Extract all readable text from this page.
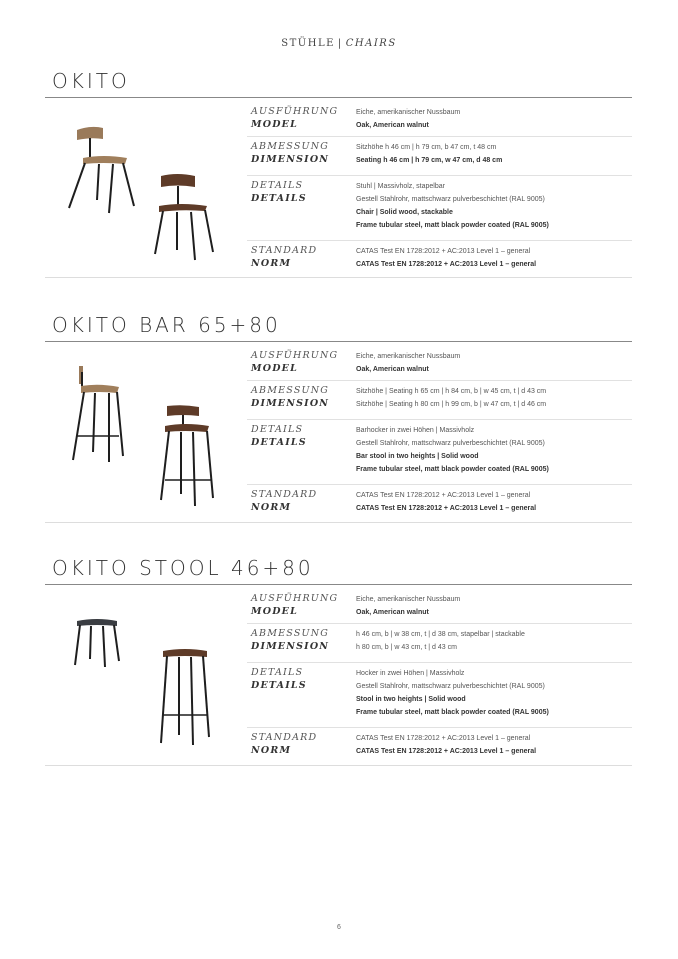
STÜHLE | CHAIRS
OKITO
AUSFÜHRUNG
MODEL
Eiche, amerikanischer Nussbaum
Oak, American walnut
ABMESSUNG
DIMENSION
Sitzhöhe h 46 cm | h 79 cm, b 47 cm, t 48 cm
Seating h 46 cm | h 79 cm, w 47 cm, d 48 cm
DETAILS
DETAILS
Stuhl | Massivholz, stapelbar
Gestell Stahlrohr, mattschwarz pulverbeschichtet (RAL 9005)
Chair | Solid wood, stackable
Frame tubular steel, matt black powder coated (RAL 9005)
STANDARD
NORM
CATAS Test EN 1728:2012 + AC:2013 Level 1 – general
CATAS Test EN 1728:2012 + AC:2013 Level 1 – general
OKITO BAR 65+80
AUSFÜHRUNG
MODEL
Eiche, amerikanischer Nussbaum
Oak, American walnut
ABMESSUNG
DIMENSION
Sitzhöhe | Seating h 65 cm | h 84 cm, b | w 45 cm, t | d 43 cm
Sitzhöhe | Seating h 80 cm | h 99 cm, b | w 47 cm, t | d 46 cm
DETAILS
DETAILS
Barhocker in zwei Höhen | Massivholz
Gestell Stahlrohr, mattschwarz pulverbeschichtet (RAL 9005)
Bar stool in two heights | Solid wood
Frame tubular steel, matt black powder coated (RAL 9005)
STANDARD
NORM
CATAS Test EN 1728:2012 + AC:2013 Level 1 – general
CATAS Test EN 1728:2012 + AC:2013 Level 1 – general
OKITO STOOL 46+80
AUSFÜHRUNG
MODEL
Eiche, amerikanischer Nussbaum
Oak, American walnut
ABMESSUNG
DIMENSION
h 46 cm, b | w 38 cm, t | d 38 cm, stapelbar | stackable
h 80 cm, b | w 43 cm, t | d 43 cm
DETAILS
DETAILS
Hocker in zwei Höhen | Massivholz
Gestell Stahlrohr, mattschwarz pulverbeschichtet (RAL 9005)
Stool in two heights | Solid wood
Frame tubular steel, matt black powder coated (RAL 9005)
STANDARD
NORM
CATAS Test EN 1728:2012 + AC:2013 Level 1 – general
CATAS Test EN 1728:2012 + AC:2013 Level 1 – general
6
